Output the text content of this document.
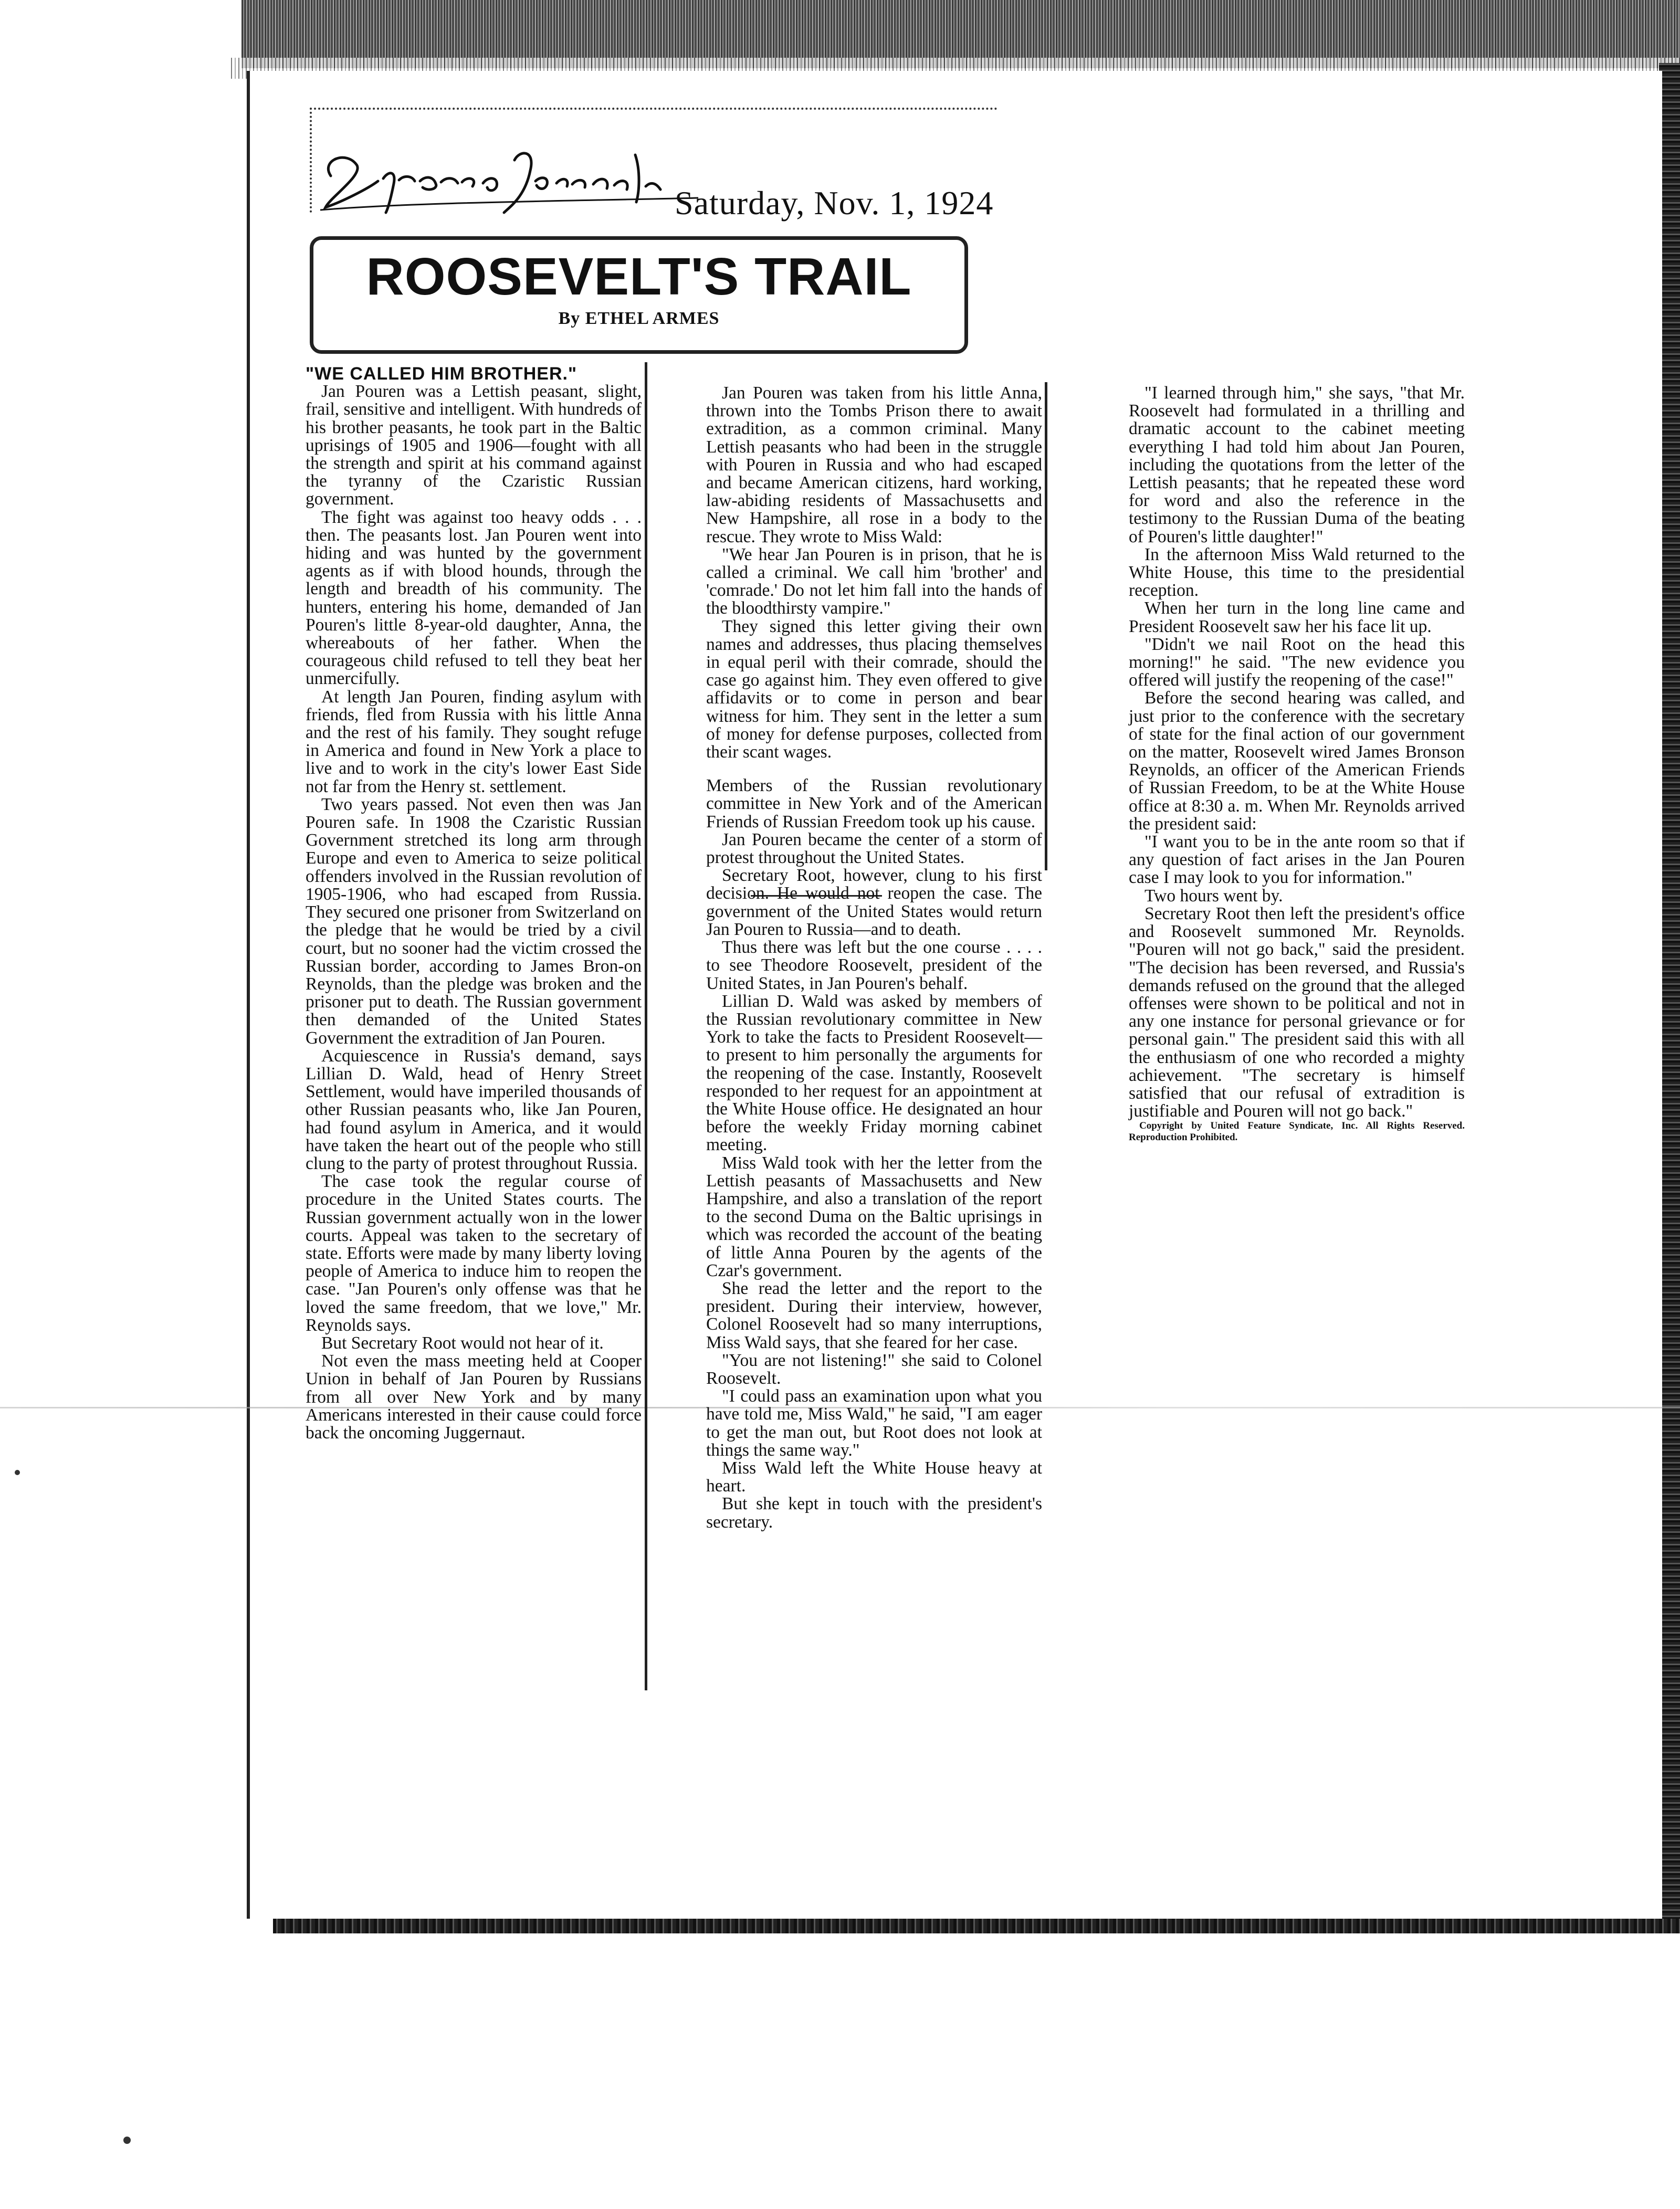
Saturday, Nov. 1, 1924
ROOSEVELT'S TRAIL
By ETHEL ARMES

"WE CALLED HIM BROTHER."

Jan Pouren was a Lettish peasant, slight, frail, sensitive and intelligent. With hundreds of his brother peasants, he took part in the Baltic uprisings of 1905 and 1906—fought with all the strength and spirit at his command against the tyranny of the Czaristic Russian government.

The fight was against too heavy odds . . . then. The peasants lost. Jan Pouren went into hiding and was hunted by the government agents as if with blood hounds, through the length and breadth of his community. The hunters, entering his home, demanded of Jan Pouren's little 8-year-old daughter, Anna, the whereabouts of her father. When the courageous child refused to tell they beat her unmercifully.

At length Jan Pouren, finding asylum with friends, fled from Russia with his little Anna and the rest of his family. They sought refuge in America and found in New York a place to live and to work in the city's lower East Side not far from the Henry st. settlement.

Two years passed. Not even then was Jan Pouren safe. In 1908 the Czaristic Russian Government stretched its long arm through Europe and even to America to seize political offenders involved in the Russian revolution of 1905-1906, who had escaped from Russia. They secured one prisoner from Switzerland on the pledge that he would be tried by a civil court, but no sooner had the victim crossed the Russian border, according to James Bron-on Reynolds, than the pledge was broken and the prisoner put to death. The Russian government then demanded of the United States Government the extradition of Jan Pouren.

Acquiescence in Russia's demand, says Lillian D. Wald, head of Henry Street Settlement, would have imperiled thousands of other Russian peasants who, like Jan Pouren, had found asylum in America, and it would have taken the heart out of the people who still clung to the party of protest throughout Russia.

The case took the regular course of procedure in the United States courts. The Russian government actually won in the lower courts. Appeal was taken to the secretary of state. Efforts were made by many liberty loving people of America to induce him to reopen the case. "Jan Pouren's only offense was that he loved the same freedom, that we love," Mr. Reynolds says.

But Secretary Root would not hear of it.

Not even the mass meeting held at Cooper Union in behalf of Jan Pouren by Russians from all over New York and by many Americans interested in their cause could force back the oncoming Juggernaut.

Jan Pouren was taken from his little Anna, thrown into the Tombs Prison there to await extradition, as a common criminal. Many Lettish peasants who had been in the struggle with Pouren in Russia and who had escaped and became American citizens, hard working, law-abiding residents of Massachusetts and New Hampshire, all rose in a body to the rescue. They wrote to Miss Wald:

"We hear Jan Pouren is in prison, that he is called a criminal. We call him 'brother' and 'comrade.' Do not let him fall into the hands of the bloodthirsty vampire."

They signed this letter giving their own names and addresses, thus placing themselves in equal peril with their comrade, should the case go against him. They even offered to give affidavits or to come in person and bear witness for him. They sent in the letter a sum of money for defense purposes, collected from their scant wages.

Members of the Russian revolutionary committee in New York and of the American Friends of Russian Freedom took up his cause.

Jan Pouren became the center of a storm of protest throughout the United States.

Secretary Root, however, clung to his first decision. He would not reopen the case. The government of the United States would return Jan Pouren to Russia—and to death.

Thus there was left but the one course . . . . to see Theodore Roosevelt, president of the United States, in Jan Pouren's behalf.

Lillian D. Wald was asked by members of the Russian revolutionary committee in New York to take the facts to President Roosevelt—to present to him personally the arguments for the reopening of the case. Instantly, Roosevelt responded to her request for an appointment at the White House office. He designated an hour before the weekly Friday morning cabinet meeting.

Miss Wald took with her the letter from the Lettish peasants of Massachusetts and New Hampshire, and also a translation of the report to the second Duma on the Baltic uprisings in which was recorded the account of the beating of little Anna Pouren by the agents of the Czar's government.

She read the letter and the report to the president. During their interview, however, Colonel Roosevelt had so many interruptions, Miss Wald says, that she feared for her case.

"You are not listening!" she said to Colonel Roosevelt.

"I could pass an examination upon what you have told me, Miss Wald," he said, "I am eager to get the man out, but Root does not look at things the same way."

Miss Wald left the White House heavy at heart.

But she kept in touch with the president's secretary.

"I learned through him," she says, "that Mr. Roosevelt had formulated in a thrilling and dramatic account to the cabinet meeting everything I had told him about Jan Pouren, including the quotations from the letter of the Lettish peasants; that he repeated these word for word and also the reference in the testimony to the Russian Duma of the beating of Pouren's little daughter!"

In the afternoon Miss Wald returned to the White House, this time to the presidential reception.

When her turn in the long line came and President Roosevelt saw her his face lit up.

"Didn't we nail Root on the head this morning!" he said. "The new evidence you offered will justify the reopening of the case!"

Before the second hearing was called, and just prior to the conference with the secretary of state for the final action of our government on the matter, Roosevelt wired James Bronson Reynolds, an officer of the American Friends of Russian Freedom, to be at the White House office at 8:30 a. m. When Mr. Reynolds arrived the president said:

"I want you to be in the ante room so that if any question of fact arises in the Jan Pouren case I may look to you for information."

Two hours went by.

Secretary Root then left the president's office and Roosevelt summoned Mr. Reynolds. "Pouren will not go back," said the president. "The decision has been reversed, and Russia's demands refused on the ground that the alleged offenses were shown to be political and not in any one instance for personal grievance or for personal gain." The president said this with all the enthusiasm of one who recorded a mighty achievement. "The secretary is himself satisfied that our refusal of extradition is justifiable and Pouren will not go back."

Copyright by United Feature Syndicate, Inc. All Rights Reserved. Reproduction Prohibited.
